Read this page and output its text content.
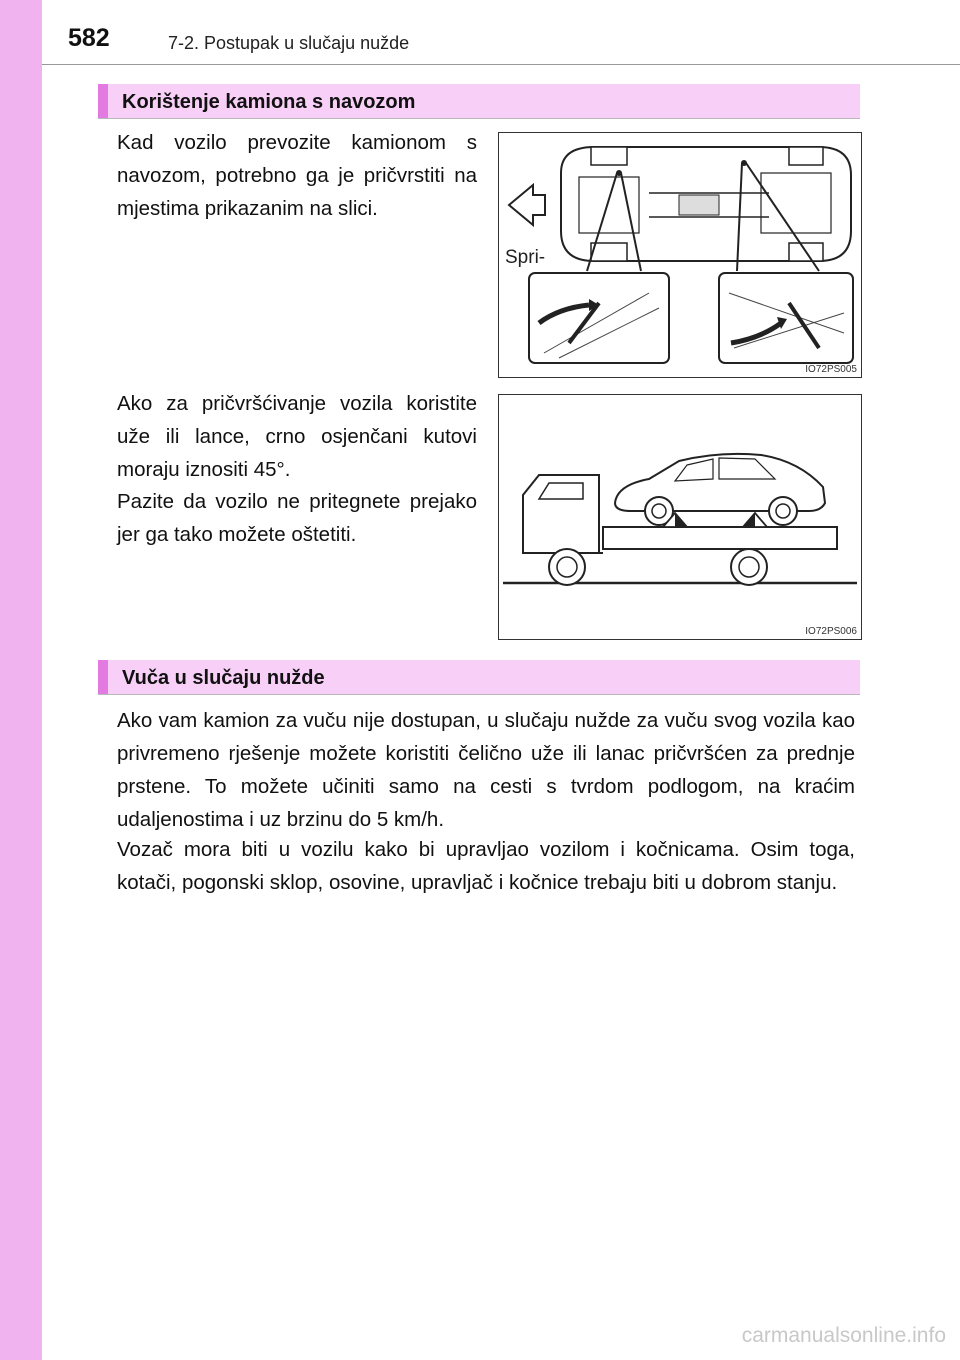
582	7-2. Postupak u slučaju nužde
Korištenje kamiona s navozom
Kad vozilo prevozite kamionom s navozom, potrebno ga je pričvrstiti na mjestima prikazanim na slici.
Spri-
IO72PS005
Ako za pričvršćivanje vozila koristite uže ili lance, crno osjenčani kutovi moraju iznositi 45°.
Pazite da vozilo ne pritegnete prejako jer ga tako možete oštetiti.
IO72PS006
Vuča u slučaju nužde
Ako vam kamion za vuču nije dostupan, u slučaju nužde za vuču svog vozila kao privremeno rješenje možete koristiti čelično uže ili lanac pričvršćen za prednje prstene. To možete učiniti samo na cesti s tvrdom podlogom, na kraćim udaljenostima i uz brzinu do 5 km/h.
Vozač mora biti u vozilu kako bi upravljao vozilom i kočnicama. Osim toga, kotači, pogonski sklop, osovine, upravljač i kočnice trebaju biti u dobrom stanju.
carmanualsonline.info
